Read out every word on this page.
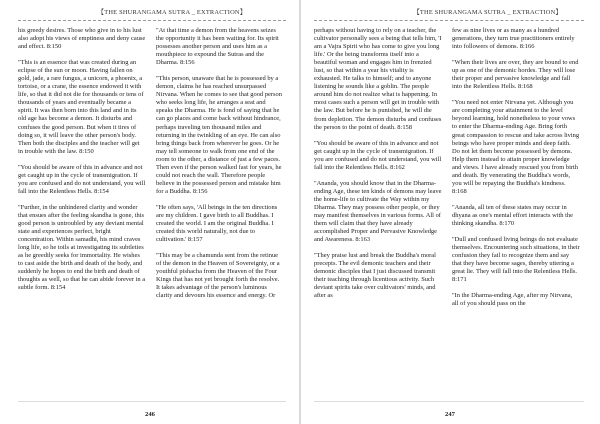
【THE SHURANGAMA SUTRA _ EXTRACTION】

his greedy desires. Those who give in to his lust also adopt his views of emptiness and deny cause and effect. 8:150

"This is an essence that was created during an eclipse of the sun or moon. Having fallen on gold, jade, a rare fungus, a unicorn, a phoenix, a tortoise, or a crane, the essence endowed it with life, so that it did not die for thousands or tens of thousands of years and eventually became a spirit. It was then born into this land and in its old age has become a demon. It disturbs and confuses the good person. But when it tires of doing so, it will leave the other person's body. Then both the disciples and the teacher will get in trouble with the law. 8:150

"You should be aware of this in advance and not get caught up in the cycle of transmigration. If you are confused and do not understand, you will fall into the Relentless Hells. 8:154

"Further, in the unhindered clarity and wonder that ensues after the feeling skandha is gone, this good person is untroubled by any deviant mental state and experiences perfect, bright concentration. Within samadhi, his mind craves long life, so he toils at investigating its subtleties as he greedily seeks for immortality. He wishes to cast aside the birth and death of the body, and suddenly he hopes to end the birth and death of thoughts as well, so that he can abide forever in a subtle form. 8:154

"At that time a demon from the heavens seizes the opportunity it has been waiting for. Its spirit possesses another person and uses him as a mouthpiece to expound the Sutras and the Dharma. 8:156

"This person, unaware that he is possessed by a demon, claims he has reached unsurpassed Nirvana. When he comes to see that good person who seeks long life, he arranges a seat and speaks the Dharma. He is fond of saying that he can go places and come back without hindrance, perhaps traveling ten thousand miles and returning in the twinkling of an eye. He can also bring things back from wherever he goes. Or he may tell someone to walk from one end of the room to the other, a distance of just a few paces. Then even if the person walked fast for years, he could not reach the wall. Therefore people believe in the possessed person and mistake him for a Buddha. 8:156

"He often says, 'All beings in the ten directions are my children. I gave birth to all Buddhas. I created the world. I am the original Buddha. I created this world naturally, not due to cultivation.' 8:157

"This may be a chamunda sent from the retinue of the demon in the Heaven of Sovereignty, or a youthful pishacha from the Heaven of the Four Kings that has not yet brought forth the resolve. It takes advantage of the person's luminous clarity and devours his essence and energy. Or

246
【THE SHURANGAMA SUTRA _ EXTRACTION】

perhaps without having to rely on a teacher, the cultivator personally sees a being that tells him, 'I am a Vajra Spirit who has come to give you long life.' Or the being transforms itself into a beautiful woman and engages him in frenzied lust, so that within a year his vitality is exhausted. He talks to himself; and to anyone listening he sounds like a goblin. The people around him do not realize what is happening. In most cases such a person will get in trouble with the law. But before he is punished, he will die from depletion. The demon disturbs and confuses the person to the point of death. 8:158

"You should be aware of this in advance and not get caught up in the cycle of transmigration. If you are confused and do not understand, you will fall into the Relentless Hells. 8:162

"Ananda, you should know that in the Dharma-ending Age, these ten kinds of demons may leave the home-life to cultivate the Way within my Dharma. They may possess other people, or they may manifest themselves in various forms. All of them will claim that they have already accomplished Proper and Pervasive Knowledge and Awareness. 8:163

"They praise lust and break the Buddha's moral precepts. The evil demonic teachers and their demonic disciples that I just discussed transmit their teaching through licentious activity. Such deviant spirits take over cultivators' minds, and after as

few as nine lives or as many as a hundred generations, they turn true practitioners entirely into followers of demons. 8:166

"When their lives are over, they are bound to end up as one of the demonic hordes. They will lose their proper and pervasive knowledge and fall into the Relentless Hells. 8:168

"You need not enter Nirvana yet. Although you are completing your attainment to the level beyond learning, hold nonetheless to your vows to enter the Dharma-ending Age. Bring forth great compassion to rescue and take across living beings who have proper minds and deep faith. Do not let them become possessed by demons. Help them instead to attain proper knowledge and views. I have already rescued you from birth and death. By venerating the Buddha's words, you will be repaying the Buddha's kindness. 8:168

"Ananda, all ten of these states may occur in dhyana as one's mental effort interacts with the thinking skandha. 8:170

"Dull and confused living beings do not evaluate themselves. Encountering such situations, in their confusion they fail to recognize them and say that they have become sages, thereby uttering a great lie. They will fall into the Relentless Hells. 8:171

"In the Dharma-ending Age, after my Nirvana, all of you should pass on the

247
